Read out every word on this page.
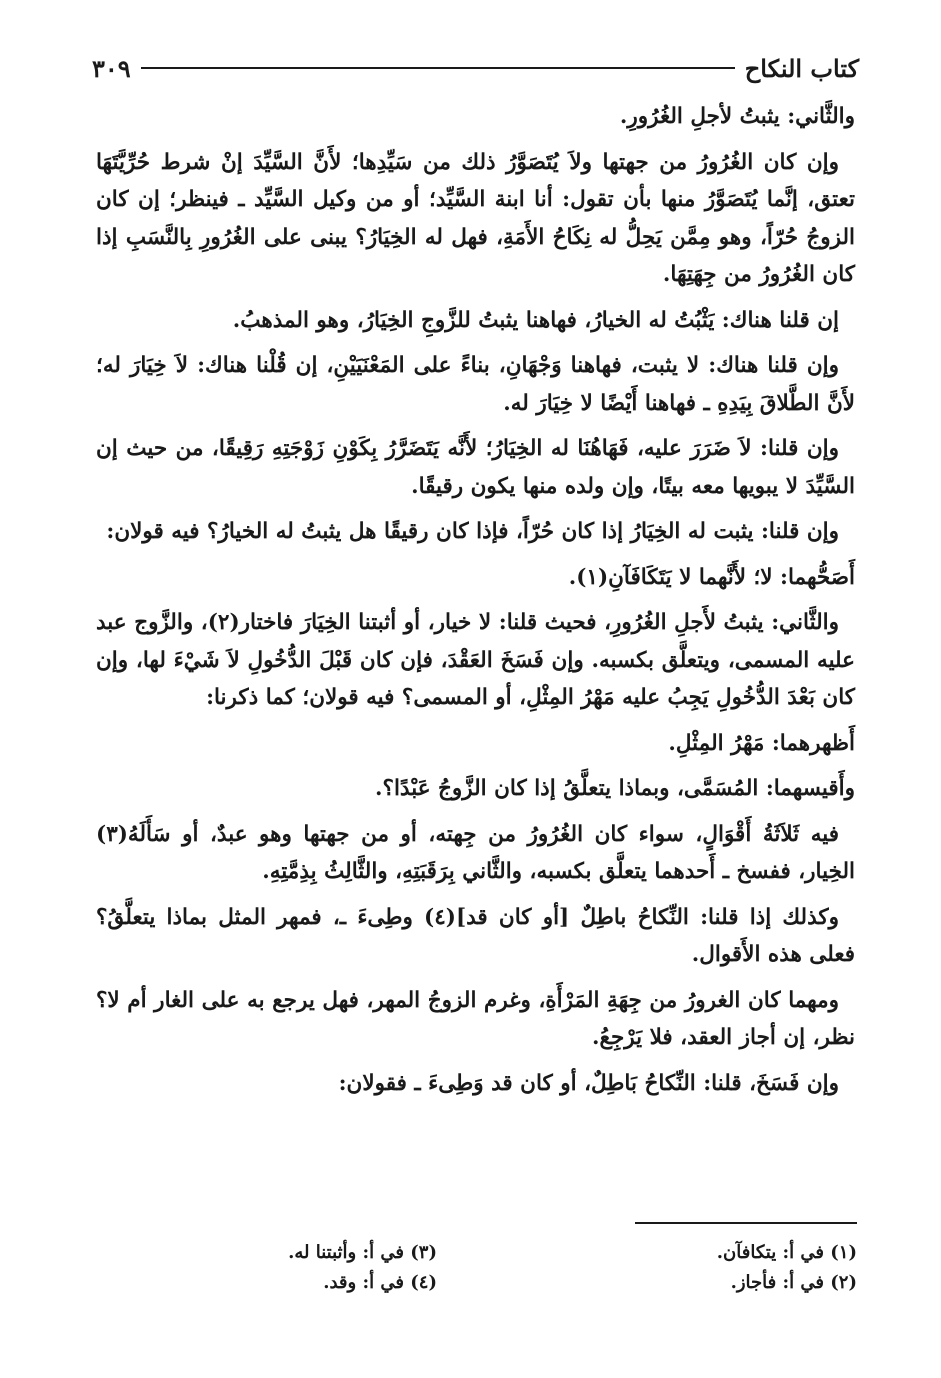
كتاب النكاح
٣٠٩

والثَّاني: يثبتُ لأجلِ الغُرُورِ.

وإن كان الغُرُورُ من جهتها ولاَ يُتَصَوَّرُ ذلك من سَيِّدِها؛ لأَنَّ السَّيِّدَ إنْ شرط حُرِّيَّتَهَا تعتق، إنَّما يُتَصَوَّرُ منها بأن تقول: أنا ابنة السَّيِّد؛ أو من وكيل السَّيِّد ـ فينظر؛ إن كان الزوجُ حُرّاً، وهو مِمَّن يَحِلُّ له نِكَاحُ الأَمَةِ، فهل له الخِيَارُ؟ يبنى على الغُرُورِ بِالنَّسَبِ إذا كان الغُرُورُ من جِهَتِهَا.

إن قلنا هناك: يَثْبُتُ له الخيارُ، فهاهنا يثبتُ للزَّوجِ الخِيَارُ، وهو المذهبُ.

وإن قلنا هناك: لا يثبت، فهاهنا وَجْهَانِ، بناءً على المَعْنَيَيْنِ، إن قُلْنا هناك: لاَ خِيَارَ له؛ لأَنَّ الطَّلاقَ بِيَدِهِ ـ فهاهنا أَيْضًا لا خِيَارَ له.

وإن قلنا: لاَ ضَرَرَ عليه، فَهَاهُنَا له الخِيَارُ؛ لأَنَّه يَتَضَرَّرُ بِكَوْنِ زَوْجَتِهِ رَقِيقًا، من حيث إن السَّيِّدَ لا يبويها معه بيتًا، وإن ولده منها يكون رقيقًا.

وإن قلنا: يثبت له الخِيَارُ إذا كان حُرّاً، فإذا كان رقيقًا هل يثبتُ له الخيارُ؟ فيه قولان:

أَصَحُّهما: لا؛ لأَنَّهما لا يَتَكَافَآنِ(١).

والثَّاني: يثبتُ لأَجلِ الغُرُورِ، فحيث قلنا: لا خيار، أو أثبتنا الخِيَارَ فاختار(٢)، والزَّوج عبد عليه المسمى، ويتعلَّق بكسبه. وإن فَسَخَ العَقْدَ، فإن كان قَبْلَ الدُّخُولِ لاَ شَيْءَ لها، وإن كان بَعْدَ الدُّخُولِ يَجِبُ عليه مَهْرُ المِثْلِ، أو المسمى؟ فيه قولان؛ كما ذكرنا:

أَظهرهما: مَهْرُ المِثْلِ.

وأَقيسهما: المُسَمَّى، وبماذا يتعلَّقُ إذا كان الزَّوجُ عَبْدًا؟.

فيه ثَلاَثَةُ أَقْوَالٍ، سواء كان الغُرُورُ من جِهته، أو من جهتها وهو عبدٌ، أو سَأَلَهُ(٣) الخِيار، ففسخ ـ أَحدهما يتعلَّق بكسبه، والثَّاني بِرَقَبَتِهِ، والثَّالِثُ بِذِمَّتِهِ.

وكذلك إذا قلنا: النِّكاحُ باطِلٌ [أو كان قد](٤) وطِىءَ ـ، فمهر المثل بماذا يتعلَّقُ؟ فعلى هذه الأَقوال.

ومهما كان الغرورُ من جِهَةِ المَرْأَةِ، وغرم الزوجُ المهر، فهل يرجع به على الغار أم لا؟ نظر، إن أجاز العقد، فلا يَرْجِعُ.

وإن فَسَخَ، قلنا: النِّكاحُ بَاطِلٌ، أو كان قد وَطِىءَ ـ فقولان:

(١) في أ: يتكافآن.
(٢) في أ: فأجاز.
(٣) في أ: وأثبتنا له.
(٤) في أ: وقد.
